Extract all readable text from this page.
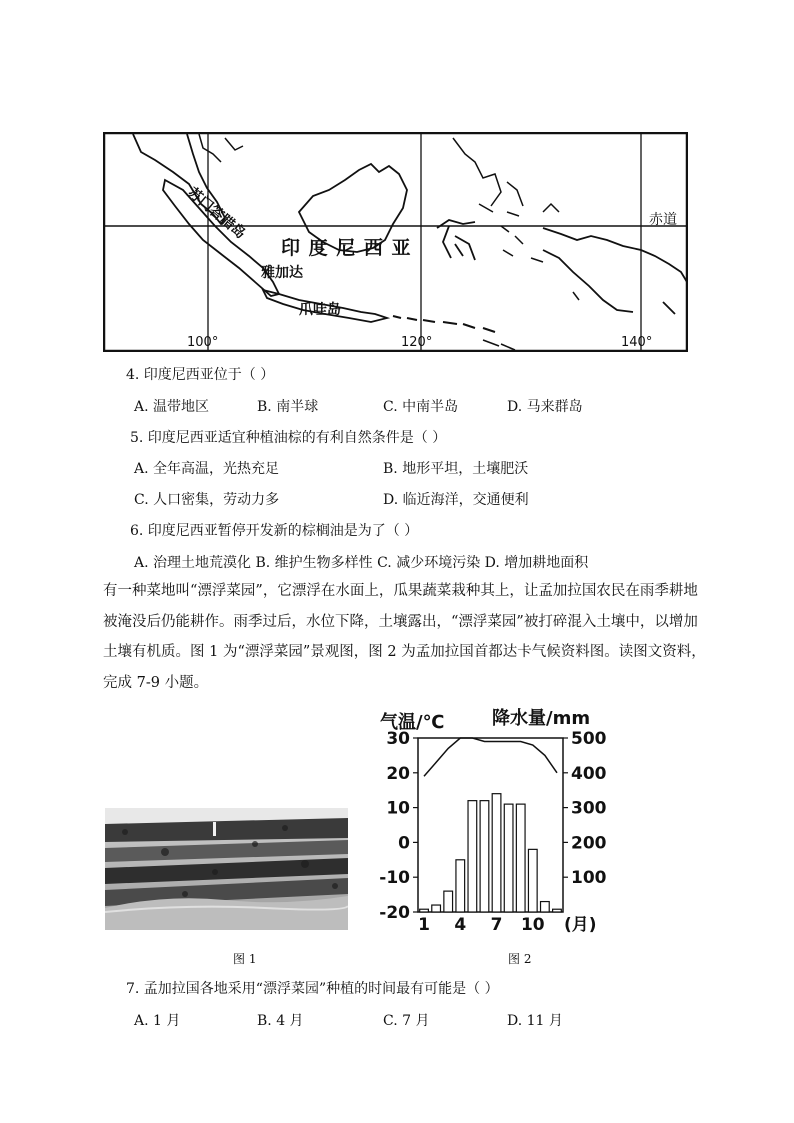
苏门答腊岛
雅加达
爪哇岛
印 度 尼 西 亚
赤道
100°	120°	140°
4. 印度尼西亚位于（ ）
A. 温带地区	B. 南半球	C. 中南半岛	D. 马来群岛
5. 印度尼西亚适宜种植油棕的有利自然条件是（ ）
A. 全年高温，光热充足	B. 地形平坦，土壤肥沃
C. 人口密集，劳动力多	D. 临近海洋，交通便利
6. 印度尼西亚暂停开发新的棕榈油是为了（ ）
A. 治理土地荒漠化 B. 维护生物多样性 C. 减少环境污染 D. 增加耕地面积
有一种菜地叫“漂浮菜园”，它漂浮在水面上，瓜果蔬菜栽种其上，让孟加拉国农民在雨季耕地
被淹没后仍能耕作。雨季过后，水位下降，土壤露出，“漂浮菜园”被打碎混入土壤中，以增加
土壤有机质。图 1 为“漂浮菜园”景观图，图 2 为孟加拉国首都达卡气候资料图。读图文资料，
完成 7-9 小题。
图 1
气温/℃	降水量/mm
30
20
10
0
-10
-20
500
400
300
200
100
1 4 7 10 (月)
图 2
7. 孟加拉国各地采用“漂浮菜园”种植的时间最有可能是（ ）
A. 1 月	B. 4 月	C. 7 月	D. 11 月
